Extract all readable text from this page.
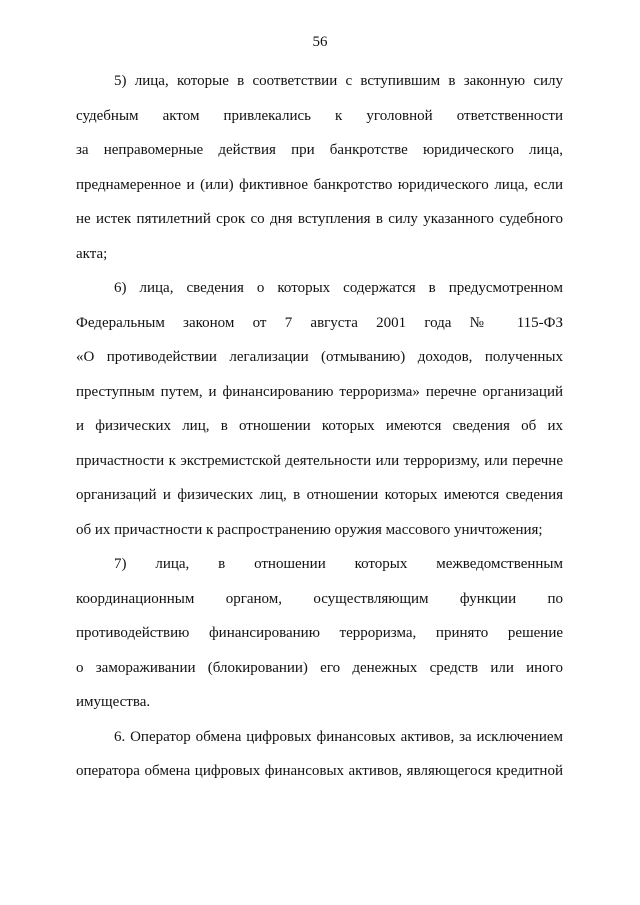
56
5) лица, которые в соответствии с вступившим в законную силу
судебным актом привлекались к уголовной ответственности
за неправомерные действия при банкротстве юридического лица,
преднамеренное и (или) фиктивное банкротство юридического лица, если
не истек пятилетний срок со дня вступления в силу указанного судебного
акта;
6) лица, сведения о которых содержатся в предусмотренном
Федеральным законом от 7 августа 2001 года № 115-ФЗ
«О противодействии легализации (отмыванию) доходов, полученных
преступным путем, и финансированию терроризма» перечне организаций
и физических лиц, в отношении которых имеются сведения об их
причастности к экстремистской деятельности или терроризму, или перечне
организаций и физических лиц, в отношении которых имеются сведения
об их причастности к распространению оружия массового уничтожения;
7) лица, в отношении которых межведомственным
координационным органом, осуществляющим функции по
противодействию финансированию терроризма, принято решение
о замораживании (блокировании) его денежных средств или иного
имущества.
6. Оператор обмена цифровых финансовых активов, за исключением
оператора обмена цифровых финансовых активов, являющегося кредитной
